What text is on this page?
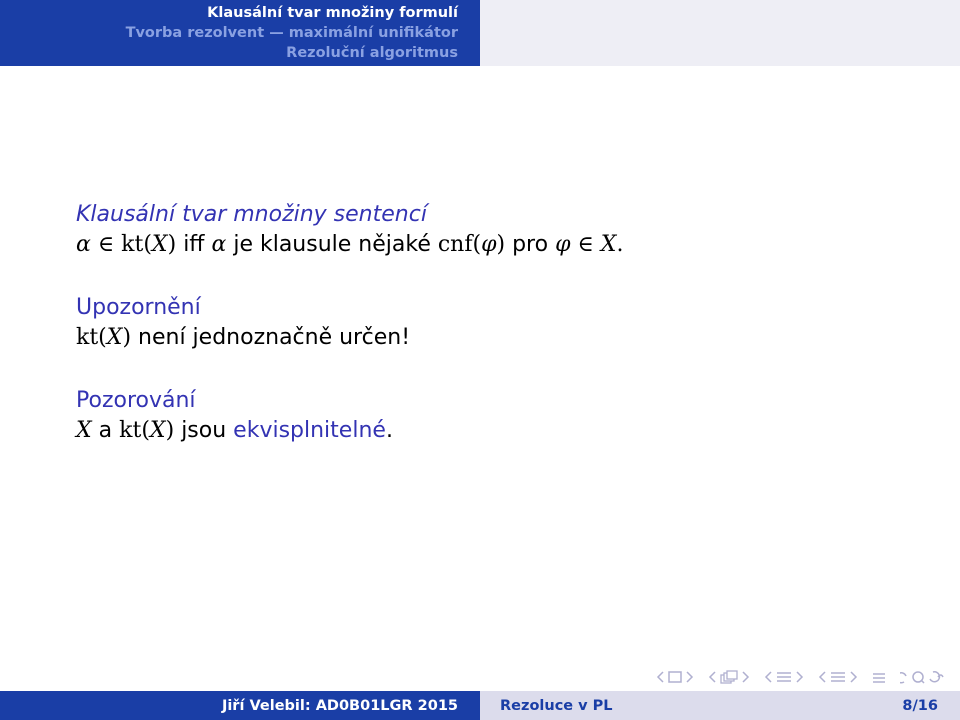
Klausální tvar množiny formulí
Tvorba rezolvent — maximální unifikátor
Rezoluční algoritmus

Klausální tvar množiny sentencí

α ∈ kt(X) iff α je klausule nějaké cnf(φ) pro φ ∈ X.

Upozornění

kt(X) není jednoznačně určen!

Pozorování

X a kt(X) jsou ekvisplnitelné.

Jiří Velebil: AD0B01LGR 2015	Rezoluce v PL	8/16
